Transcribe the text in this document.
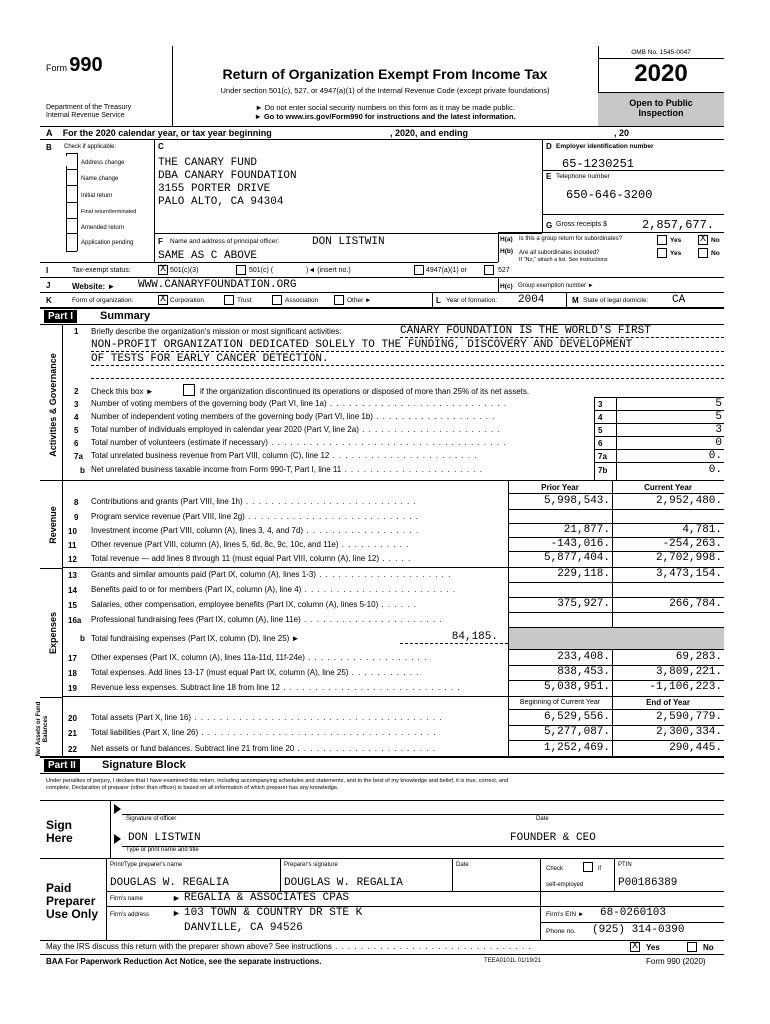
Form 990
Department of the Treasury
Internal Revenue Service
Return of Organization Exempt From Income Tax
Under section 501(c), 527, or 4947(a)(1) of the Internal Revenue Code (except private foundations)
► Do not enter social security numbers on this form as it may be made public.
► Go to www.irs.gov/Form990 for instructions and the latest information.
OMB No. 1545-0047
2020
Open to Public
Inspection
A For the 2020 calendar year, or tax year beginning	, 2020, and ending	, 20
B Check if applicable:
Address change
Name change
Initial return
Final return/terminated
Amended return
Application pending
C
THE CANARY FUND
DBA CANARY FOUNDATION
3155 PORTER DRIVE
PALO ALTO, CA 94304
D Employer identification number
65-1230251
E Telephone number
650-646-3200
G Gross receipts $	2,857,677.
F Name and address of principal officer:	DON LISTWIN
SAME AS C ABOVE
H(a) Is this a group return for subordinates?	Yes X No
H(b) Are all subordinates included?
If "No," attach a list. See instructions
Yes	No
I	Tax-exempt status:	X 501(c)(3)	501(c) (	)◄ (insert no.)	4947(a)(1) or	527
J	Website: ► WWW.CANARYFOUNDATION.ORG	H(c) Group exemption number ►
K	Form of organization:	X Corporation	Trust	Association	Other ►	L Year of formation: 2004	M State of legal domicile: CA
Part I	Summary
Activities & Governance
Revenue
Expenses
Net Assets or Fund Balances
1 Briefly describe the organization's mission or most significant activities:	CANARY FOUNDATION IS THE WORLD'S FIRST
NON-PROFIT ORGANIZATION DEDICATED SOLELY TO THE FUNDING, DISCOVERY AND DEVELOPMENT
OF TESTS FOR EARLY CANCER DETECTION.
2 Check this box ►	if the organization discontinued its operations or disposed of more than 25% of its net assets.
3 Number of voting members of the governing body (Part VI, line 1a) . . . . . . . . . . . . . . . . . . . . . . . . . . . .	3	5
4 Number of independent voting members of the governing body (Part VI, line 1b) . . . . . . . . . . . . . . . . . . .	4	5
5 Total number of individuals employed in calendar year 2020 (Part V, line 2a) . . . . . . . . . . . . . . . . . . . . . .	5	3
6 Total number of volunteers (estimate if necessary) . . . . . . . . . . . . . . . . . . . . . . . . . . . . . . . . . . . . .	6	0
7a Total unrelated business revenue from Part VIII, column (C), line 12 . . . . . . . . . . . . . . . . . . . . . . .	7a	0.
b Net unrelated business taxable income from Form 990-T, Part I, line 11 . . . . . . . . . . . . . . . . . . . . . .	7b	0.
Prior Year	Current Year
8 Contributions and grants (Part VIII, line 1h) . . . . . . . . . . . . . . . . . . . . . . . . . . .	5,998,543.	2,952,480.
9 Program service revenue (Part VIII, line 2g) . . . . . . . . . . . . . . . . . . . . . . . . . . .
10 Investment income (Part VIII, column (A), lines 3, 4, and 7d) . . . . . . . . . . . . . . . . . .	21,877.	4,781.
11 Other revenue (Part VIII, column (A), lines 5, 6d, 8c, 9c, 10c, and 11e) . . . . . . . . . . .	-143,016.	-254,263.
12 Total revenue — add lines 8 through 11 (must equal Part VIII, column (A), line 12) . . . . .	5,877,404.	2,702,998.
13 Grants and similar amounts paid (Part IX, column (A), lines 1-3) . . . . . . . . . . . . . . . . . . . . .	229,118.	3,473,154.
14 Benefits paid to or for members (Part IX, column (A), line 4) . . . . . . . . . . . . . . . . . . . . . . . .
15 Salaries, other compensation, employee benefits (Part IX, column (A), lines 5-10) . . . . . .	375,927.	266,784.
16a Professional fundraising fees (Part IX, column (A), line 11e) . . . . . . . . . . . . . . . . . . . . . .
b Total fundraising expenses (Part IX, column (D), line 25) ►	84,185.
17 Other expenses (Part IX, column (A), lines 11a-11d, 11f-24e) . . . . . . . . . . . . . . . . . . .	233,408.	69,283.
18 Total expenses. Add lines 13-17 (must equal Part IX, column (A), line 25) . . . . . . . . . . .	838,453.	3,809,221.
19 Revenue less expenses. Subtract line 18 from line 12 . . . . . . . . . . . . . . . . . . . . . . . . . . . .	5,038,951.	-1,106,223.
Beginning of Current Year	End of Year
20 Total assets (Part X, line 16) . . . . . . . . . . . . . . . . . . . . . . . . . . . . . . . . . . . . . . .	6,529,556.	2,590,779.
21 Total liabilities (Part X, line 26) . . . . . . . . . . . . . . . . . . . . . . . . . . . . . . . . . . . . .	5,277,087.	2,300,334.
22 Net assets or fund balances. Subtract line 21 from line 20 . . . . . . . . . . . . . . . . . . . . . .	1,252,469.	290,445.
Part II	Signature Block
Under penalties of perjury, I declare that I have examined this return, including accompanying schedules and statements, and to the best of my knowledge and belief, it is true, correct, and
complete. Declaration of preparer (other than officer) is based on all information of which preparer has any knowledge.
Sign
Here
Signature of officer	Date
DON LISTWIN	FOUNDER & CEO
Type or print name and title
Paid
Preparer
Use Only
Print/Type preparer's name	Preparer's signature	Date
Check	if
self-employed
PTIN
DOUGLAS W. REGALIA	DOUGLAS W. REGALIA	P00186389
Firm's name	► REGALIA & ASSOCIATES CPAS
Firm's address	► 103 TOWN & COUNTRY DR STE K
DANVILLE, CA 94526
Firm's EIN ► 68-0260103
Phone no. (925) 314-0390
May the IRS discuss this return with the preparer shown above? See instructions . . . . . . . . . . . . . . . . . . . . . . . . . . . . . . .	X Yes	No
BAA For Paperwork Reduction Act Notice, see the separate instructions.	TEEA0101L 01/19/21	Form 990 (2020)
